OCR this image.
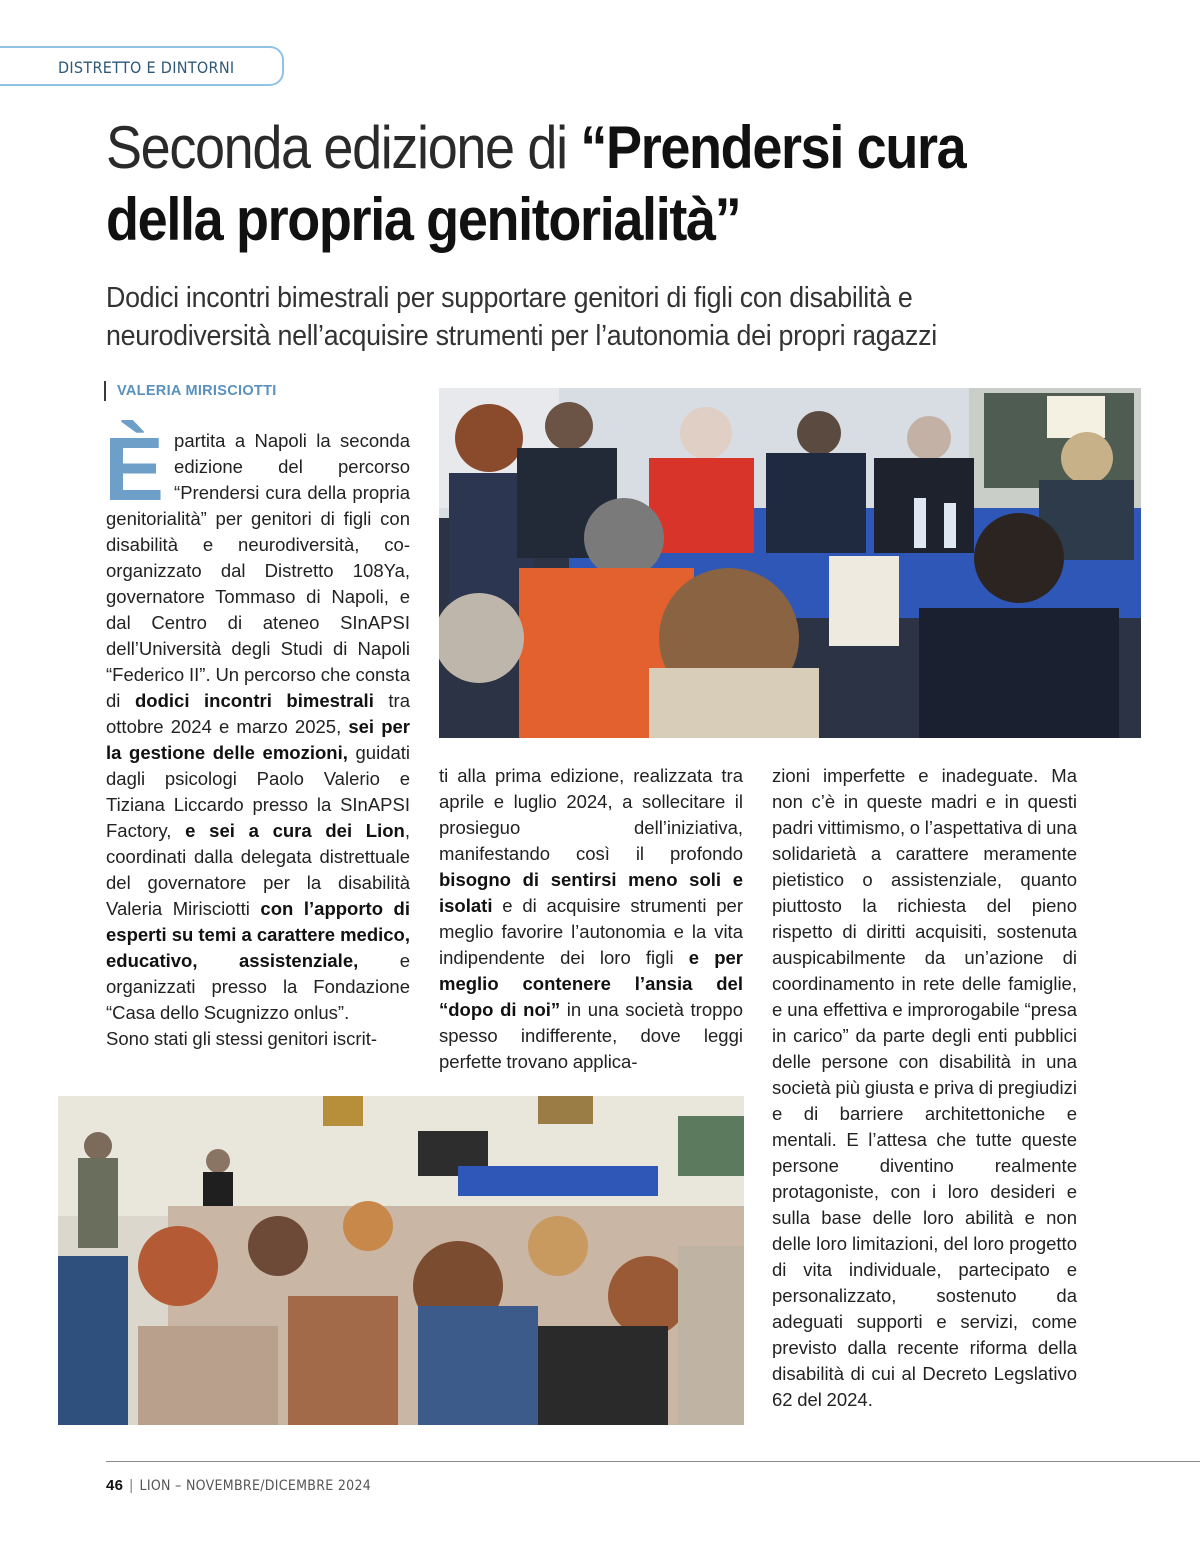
DISTRETTO E DINTORNI
Seconda edizione di “Prendersi cura
della propria genitorialità”

Dodici incontri bimestrali per supportare genitori di figli con disabilità e
neurodiversità nell’acquisire strumenti per l’autonomia dei propri ragazzi

VALERIA MIRISCIOTTI

Èpartita a Napoli la seconda edizione del percorso “Prendersi cura della propria genitorialità” per genitori di figli con disabilità e neurodiversità, co-organizzato dal Distretto 108Ya, governatore Tommaso di Napoli, e dal Centro di ateneo SInAPSI dell’Università degli Studi di Napoli “Federico II”. Un percorso che consta di dodici incontri bimestrali tra ottobre 2024 e marzo 2025, sei per la gestione delle emozioni, guidati dagli psicologi Paolo Valerio e Tiziana Liccardo presso la SInAPSI Factory, e sei a cura dei Lion, coordinati dalla delegata distrettuale del governatore per la disabilità Valeria Mirisciotti con l’apporto di esperti su temi a carattere medico, educativo, assistenziale, e organizzati presso la Fondazione “Casa dello Scugnizzo onlus”.

Sono stati gli stessi genitori iscrit-

ti alla prima edizione, realizzata tra aprile e luglio 2024, a sollecitare il prosieguo dell’iniziativa, manifestando così il profondo bisogno di sentirsi meno soli e isolati e di acquisire strumenti per meglio favorire l’autonomia e la vita indipendente dei loro figli e per meglio contenere l’ansia del “dopo di noi” in una società troppo spesso indifferente, dove leggi perfette trovano applica-

zioni imperfette e inadeguate. Ma non c’è in queste madri e in questi padri vittimismo, o l’aspettativa di una solidarietà a carattere meramente pietistico o assistenziale, quanto piuttosto la richiesta del pieno rispetto di diritti acquisiti, sostenuta auspicabilmente da un’azione di coordinamento in rete delle famiglie, e una effettiva e improrogabile “presa in carico” da parte degli enti pubblici delle persone con disabilità in una società più giusta e priva di pregiudizi e di barriere architettoniche e mentali. E l’attesa che tutte queste persone diventino realmente protagoniste, con i loro desideri e sulla base delle loro abilità e non delle loro limitazioni, del loro progetto di vita individuale, partecipato e personalizzato, sostenuto da adeguati supporti e servizi, come previsto dalla recente riforma della disabilità di cui al Decreto Legslativo 62 del 2024.

46 | LION – NOVEMBRE/DICEMBRE 2024
